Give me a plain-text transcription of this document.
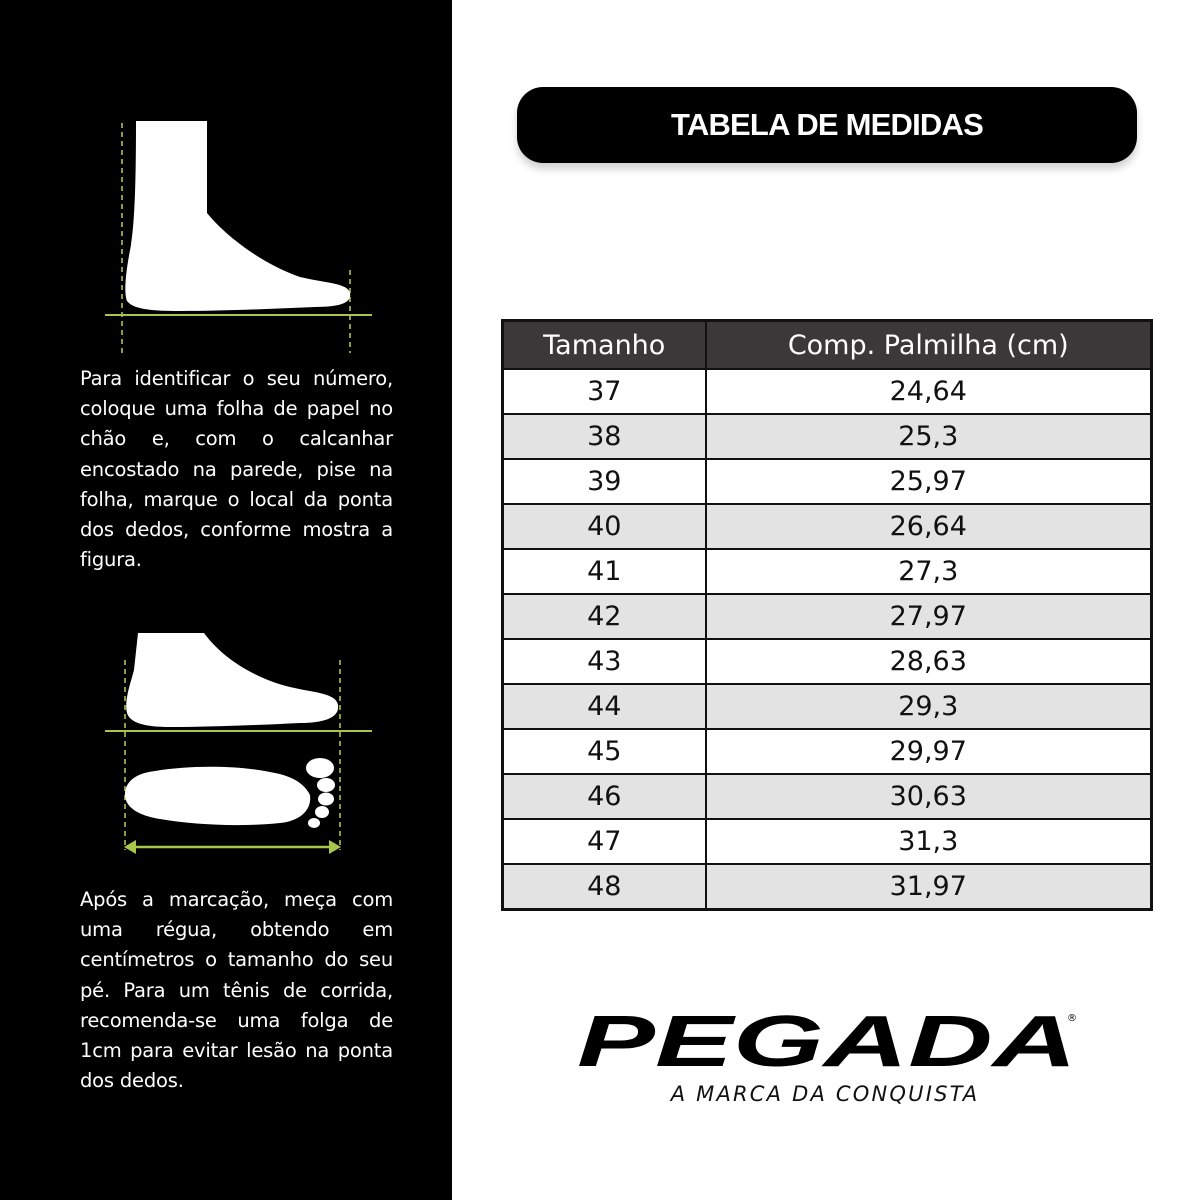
Para identificar o seu número, coloque uma folha de papel no chão e, com o calcanhar encostado na parede, pise na folha, marque o local da ponta dos dedos, conforme mostra a figura.

Após a marcação, meça com uma régua, obtendo em centímetros o tamanho do seu pé. Para um tênis de corrida, recomenda-se uma folga de 1cm para evitar lesão na ponta dos dedos.

TABELA DE MEDIDAS
Tamanho	Comp. Palmilha (cm)
37	24,64
38	25,3
39	25,97
40	26,64
41	27,3
42	27,97
43	28,63
44	29,3
45	29,97
46	30,63
47	31,3
48	31,97
PEGADA
®
A MARCA DA CONQUISTA
